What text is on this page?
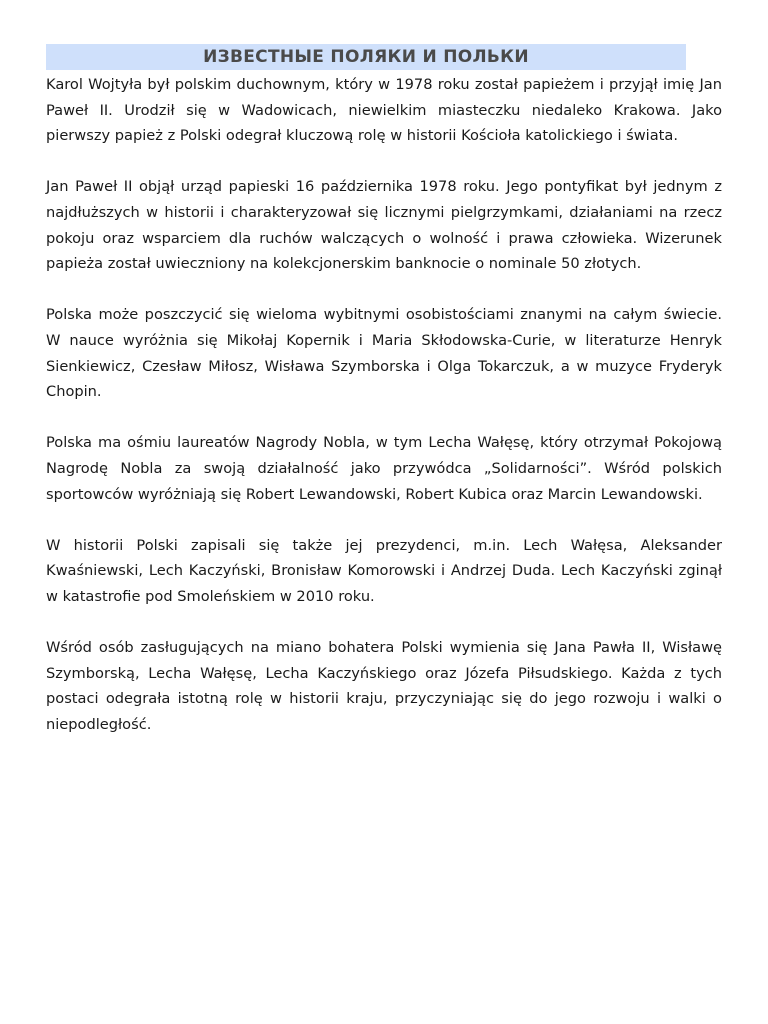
ИЗВЕСТНЫЕ ПОЛЯКИ И ПОЛЬКИ

Karol Wojtyła był polskim duchownym, który w 1978 roku został papieżem i przyjął imię Jan Paweł II. Urodził się w Wadowicach, niewielkim miasteczku niedaleko Krakowa. Jako pierwszy papież z Polski odegrał kluczową rolę w historii Kościoła katolickiego i świata.

Jan Paweł II objął urząd papieski 16 października 1978 roku. Jego pontyfikat był jednym z najdłuższych w historii i charakteryzował się licznymi pielgrzymkami, działaniami na rzecz pokoju oraz wsparciem dla ruchów walczących o wolność i prawa człowieka. Wizerunek papieża został uwieczniony na kolekcjonerskim banknocie o nominale 50 złotych.

Polska może poszczycić się wieloma wybitnymi osobistościami znanymi na całym świecie. W nauce wyróżnia się Mikołaj Kopernik i Maria Skłodowska-Curie, w literaturze Henryk Sienkiewicz, Czesław Miłosz, Wisława Szymborska i Olga Tokarczuk, a w muzyce Fryderyk Chopin.

Polska ma ośmiu laureatów Nagrody Nobla, w tym Lecha Wałęsę, który otrzymał Pokojową Nagrodę Nobla za swoją działalność jako przywódca „Solidarności”. Wśród polskich sportowców wyróżniają się Robert Lewandowski, Robert Kubica oraz Marcin Lewandowski.

W historii Polski zapisali się także jej prezydenci, m.in. Lech Wałęsa, Aleksander Kwaśniewski, Lech Kaczyński, Bronisław Komorowski i Andrzej Duda. Lech Kaczyński zginął w katastrofie pod Smoleńskiem w 2010 roku.

Wśród osób zasługujących na miano bohatera Polski wymienia się Jana Pawła II, Wisławę Szymborską, Lecha Wałęsę, Lecha Kaczyńskiego oraz Józefa Piłsudskiego. Każda z tych postaci odegrała istotną rolę w historii kraju, przyczyniając się do jego rozwoju i walki o niepodległość.
